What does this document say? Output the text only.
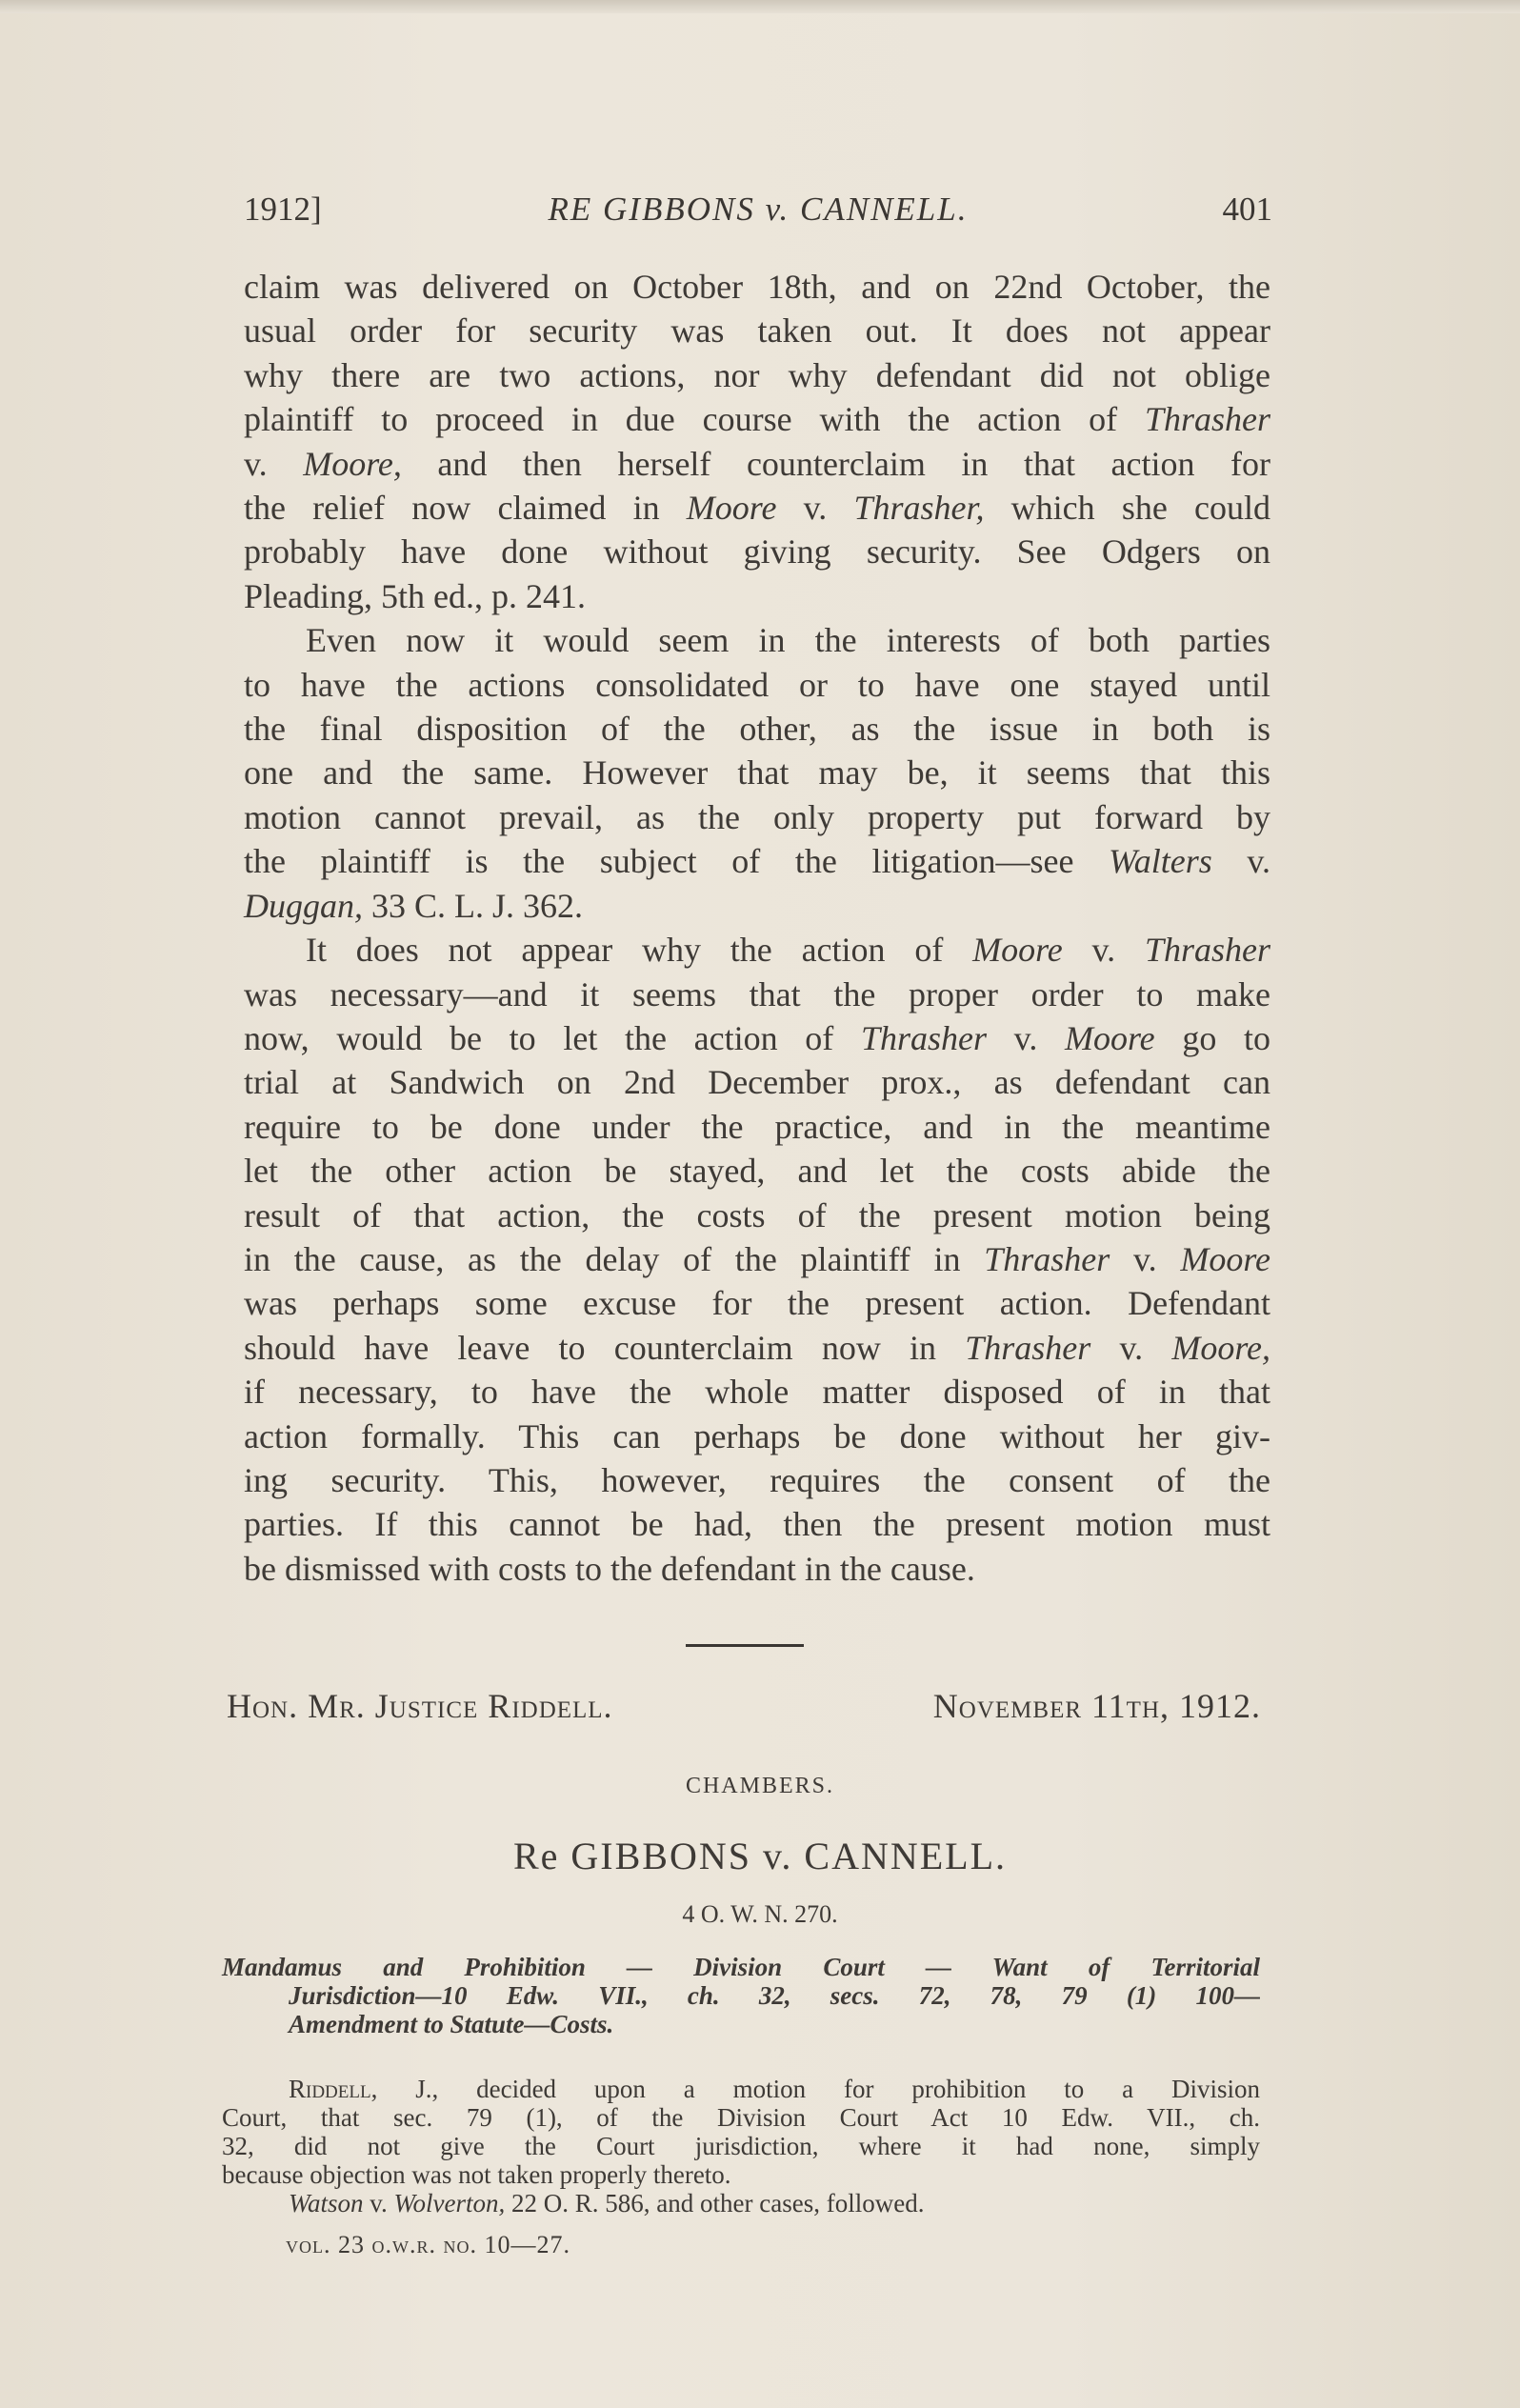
1912]	RE GIBBONS v. CANNELL.	401

claim was delivered on October 18th, and on 22nd October, the
usual order for security was taken out. It does not appear
why there are two actions, nor why defendant did not oblige
plaintiff to proceed in due course with the action of Thrasher
v. Moore, and then herself counterclaim in that action for
the relief now claimed in Moore v. Thrasher, which she could
probably have done without giving security. See Odgers on
Pleading, 5th ed., p. 241.

Even now it would seem in the interests of both parties
to have the actions consolidated or to have one stayed until
the final disposition of the other, as the issue in both is
one and the same. However that may be, it seems that this
motion cannot prevail, as the only property put forward by
the plaintiff is the subject of the litigation—see Walters v.
Duggan, 33 C. L. J. 362.

It does not appear why the action of Moore v. Thrasher
was necessary—and it seems that the proper order to make
now, would be to let the action of Thrasher v. Moore go to
trial at Sandwich on 2nd December prox., as defendant can
require to be done under the practice, and in the meantime
let the other action be stayed, and let the costs abide the
result of that action, the costs of the present motion being
in the cause, as the delay of the plaintiff in Thrasher v. Moore
was perhaps some excuse for the present action. Defendant
should have leave to counterclaim now in Thrasher v. Moore,
if necessary, to have the whole matter disposed of in that
action formally. This can perhaps be done without her giv-
ing security. This, however, requires the consent of the
parties. If this cannot be had, then the present motion must
be dismissed with costs to the defendant in the cause.

Hon. Mr. Justice Riddell.	November 11th, 1912.
CHAMBERS.
Re GIBBONS v. CANNELL.
4 O. W. N. 270.
Mandamus and Prohibition — Division Court — Want of Territorial
Jurisdiction—10 Edw. VII., ch. 32, secs. 72, 78, 79 (1) 100—
Amendment to Statute—Costs.
Riddell, J., decided upon a motion for prohibition to a Division
Court, that sec. 79 (1), of the Division Court Act 10 Edw. VII., ch.
32, did not give the Court jurisdiction, where it had none, simply
because objection was not taken properly thereto.
Watson v. Wolverton, 22 O. R. 586, and other cases, followed.
vol. 23 o.w.r. no. 10—27.
